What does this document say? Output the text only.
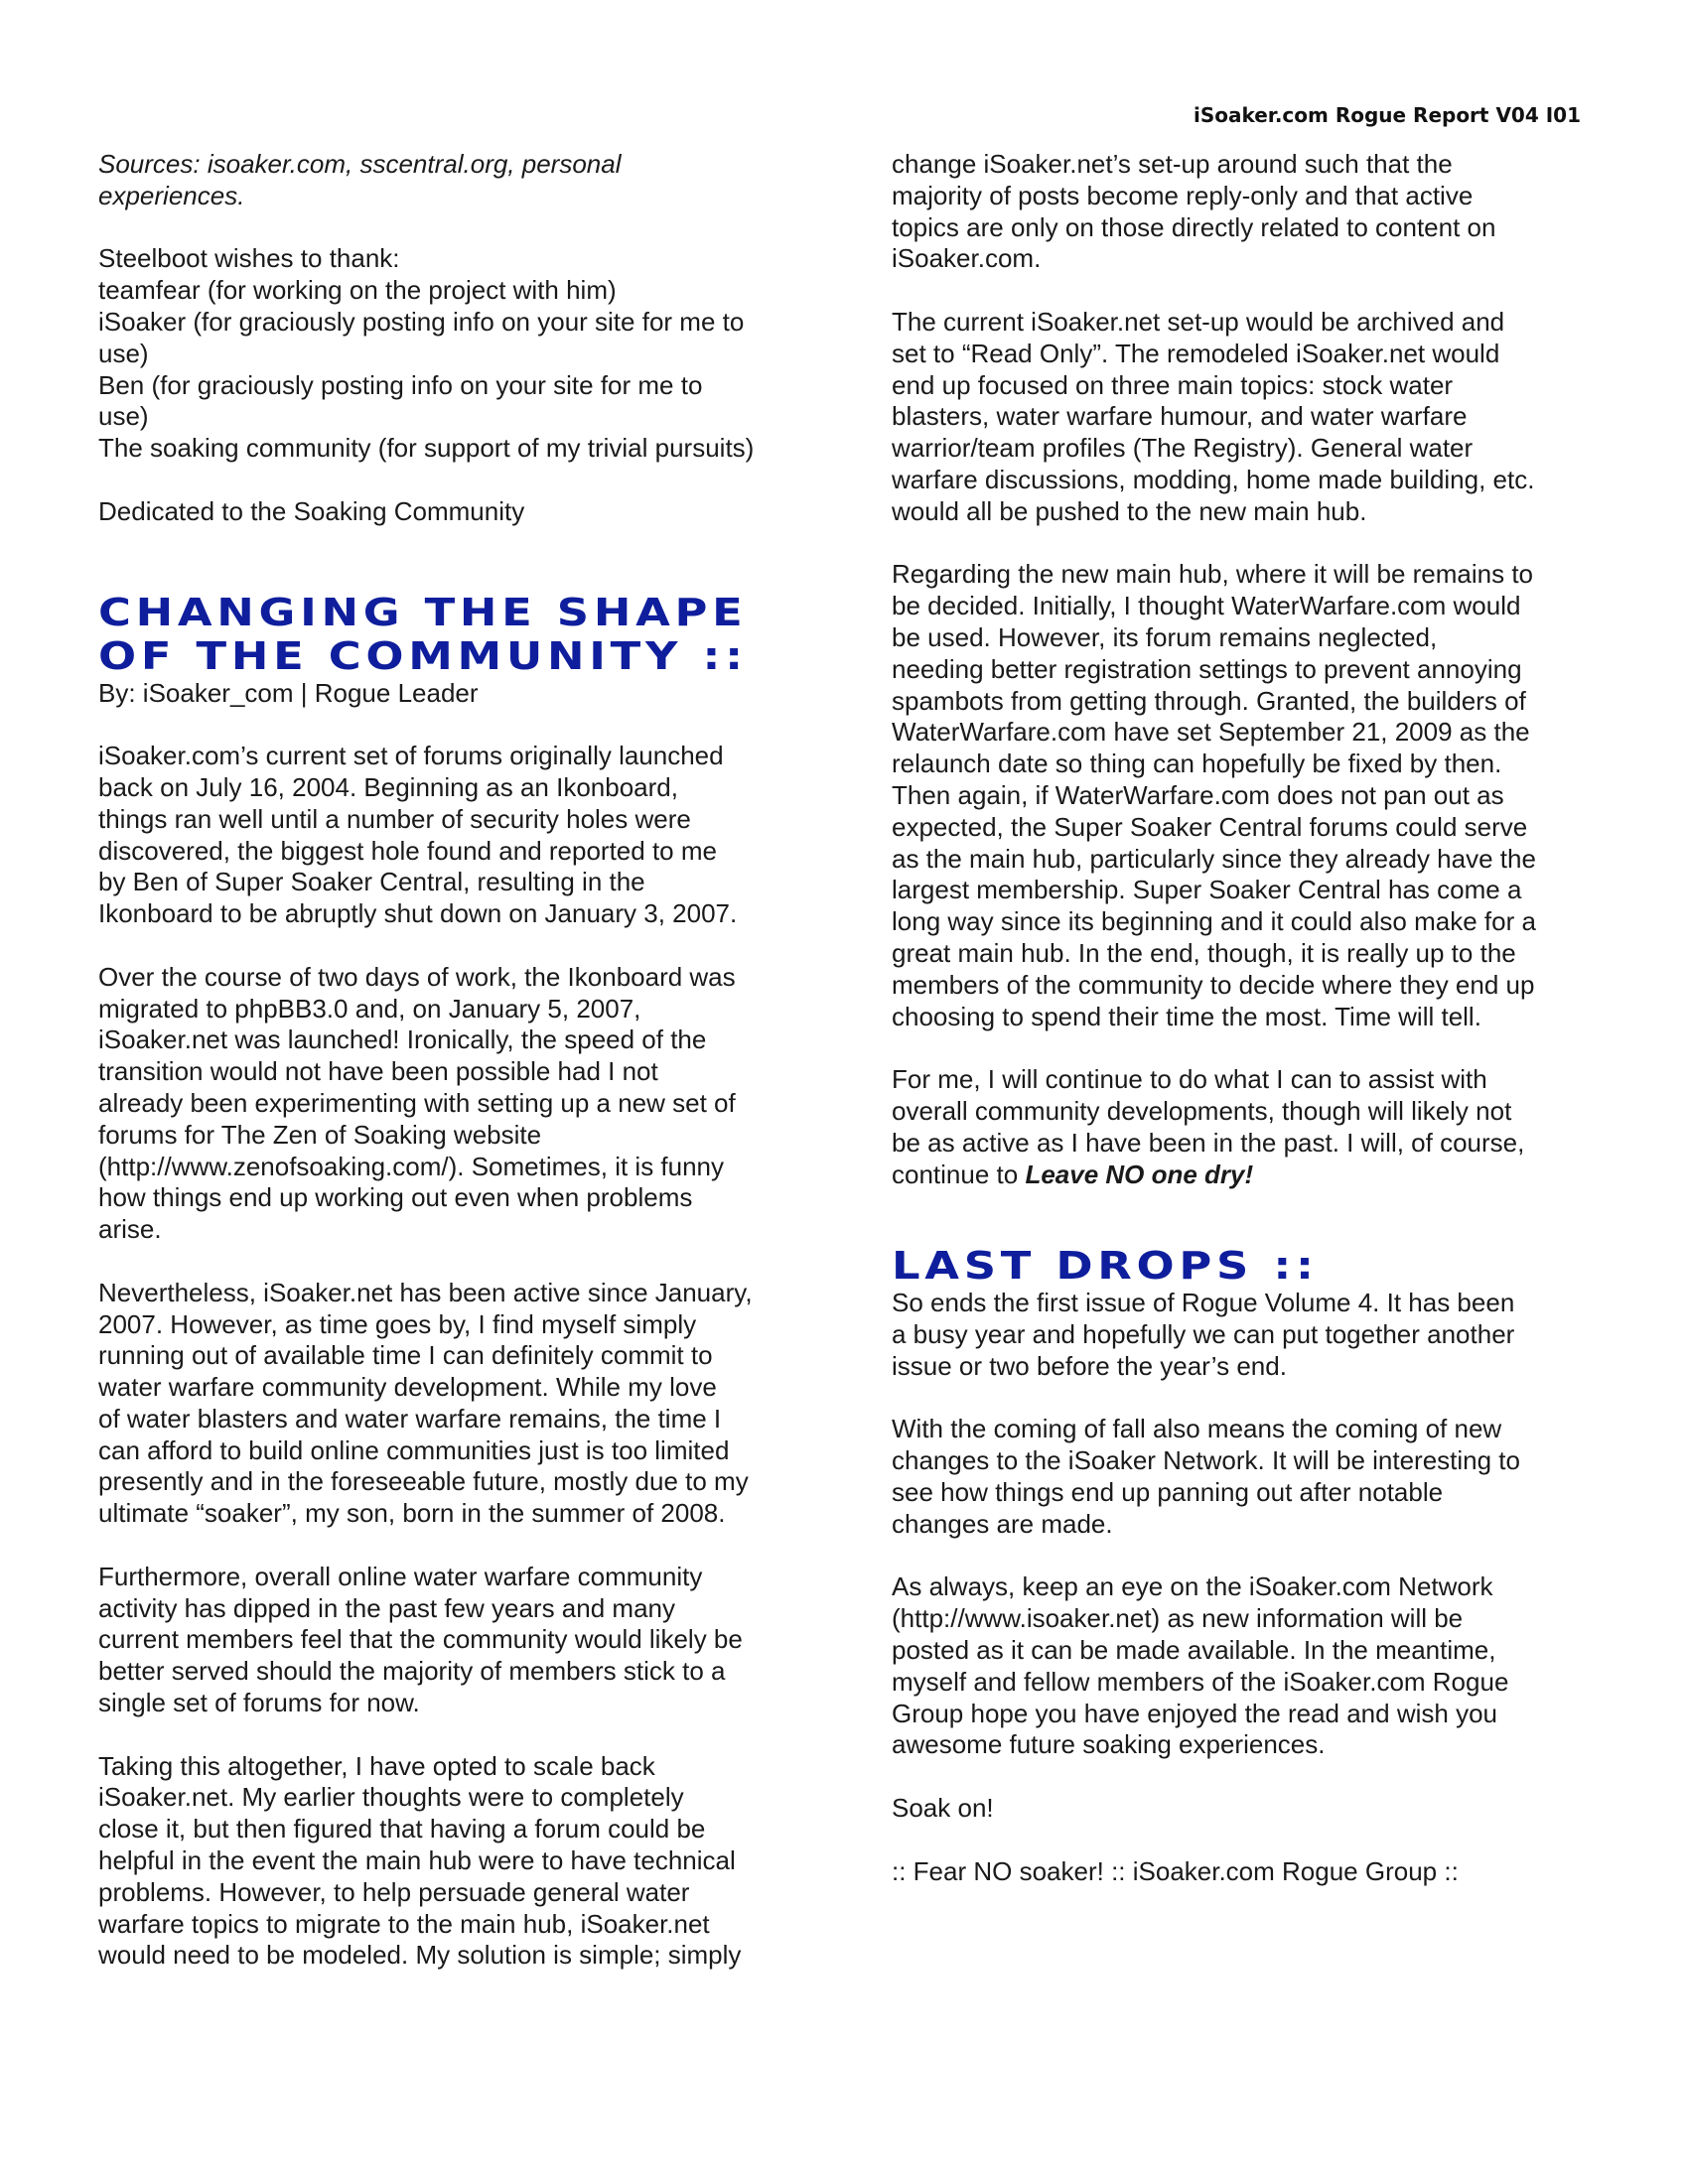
iSoaker.com Rogue Report V04 I01

Sources: isoaker.com, sscentral.org, personal
experiences.

Steelboot wishes to thank:
teamfear (for working on the project with him)
iSoaker (for graciously posting info on your site for me to
use)
Ben (for graciously posting info on your site for me to
use)
The soaking community (for support of my trivial pursuits)

Dedicated to the Soaking Community

CHANGING THE SHAPE
OF THE COMMUNITY ::

By: iSoaker_com | Rogue Leader

iSoaker.com’s current set of forums originally launched
back on July 16, 2004. Beginning as an Ikonboard,
things ran well until a number of security holes were
discovered, the biggest hole found and reported to me
by Ben of Super Soaker Central, resulting in the
Ikonboard to be abruptly shut down on January 3, 2007.

Over the course of two days of work, the Ikonboard was
migrated to phpBB3.0 and, on January 5, 2007,
iSoaker.net was launched! Ironically, the speed of the
transition would not have been possible had I not
already been experimenting with setting up a new set of
forums for The Zen of Soaking website
(http://www.zenofsoaking.com/). Sometimes, it is funny
how things end up working out even when problems
arise.

Nevertheless, iSoaker.net has been active since January,
2007. However, as time goes by, I find myself simply
running out of available time I can definitely commit to
water warfare community development. While my love
of water blasters and water warfare remains, the time I
can afford to build online communities just is too limited
presently and in the foreseeable future, mostly due to my
ultimate “soaker”, my son, born in the summer of 2008.

Furthermore, overall online water warfare community
activity has dipped in the past few years and many
current members feel that the community would likely be
better served should the majority of members stick to a
single set of forums for now.

Taking this altogether, I have opted to scale back
iSoaker.net. My earlier thoughts were to completely
close it, but then figured that having a forum could be
helpful in the event the main hub were to have technical
problems. However, to help persuade general water
warfare topics to migrate to the main hub, iSoaker.net
would need to be modeled. My solution is simple; simply

change iSoaker.net’s set-up around such that the
majority of posts become reply-only and that active
topics are only on those directly related to content on
iSoaker.com.

The current iSoaker.net set-up would be archived and
set to “Read Only”. The remodeled iSoaker.net would
end up focused on three main topics: stock water
blasters, water warfare humour, and water warfare
warrior/team profiles (The Registry). General water
warfare discussions, modding, home made building, etc.
would all be pushed to the new main hub.

Regarding the new main hub, where it will be remains to
be decided. Initially, I thought WaterWarfare.com would
be used. However, its forum remains neglected,
needing better registration settings to prevent annoying
spambots from getting through. Granted, the builders of
WaterWarfare.com have set September 21, 2009 as the
relaunch date so thing can hopefully be fixed by then.
Then again, if WaterWarfare.com does not pan out as
expected, the Super Soaker Central forums could serve
as the main hub, particularly since they already have the
largest membership. Super Soaker Central has come a
long way since its beginning and it could also make for a
great main hub. In the end, though, it is really up to the
members of the community to decide where they end up
choosing to spend their time the most. Time will tell.

For me, I will continue to do what I can to assist with
overall community developments, though will likely not
be as active as I have been in the past. I will, of course,
continue to Leave NO one dry!

LAST DROPS ::

So ends the first issue of Rogue Volume 4. It has been
a busy year and hopefully we can put together another
issue or two before the year’s end.

With the coming of fall also means the coming of new
changes to the iSoaker Network. It will be interesting to
see how things end up panning out after notable
changes are made.

As always, keep an eye on the iSoaker.com Network
(http://www.isoaker.net) as new information will be
posted as it can be made available. In the meantime,
myself and fellow members of the iSoaker.com Rogue
Group hope you have enjoyed the read and wish you
awesome future soaking experiences.

Soak on!

:: Fear NO soaker! :: iSoaker.com Rogue Group ::
